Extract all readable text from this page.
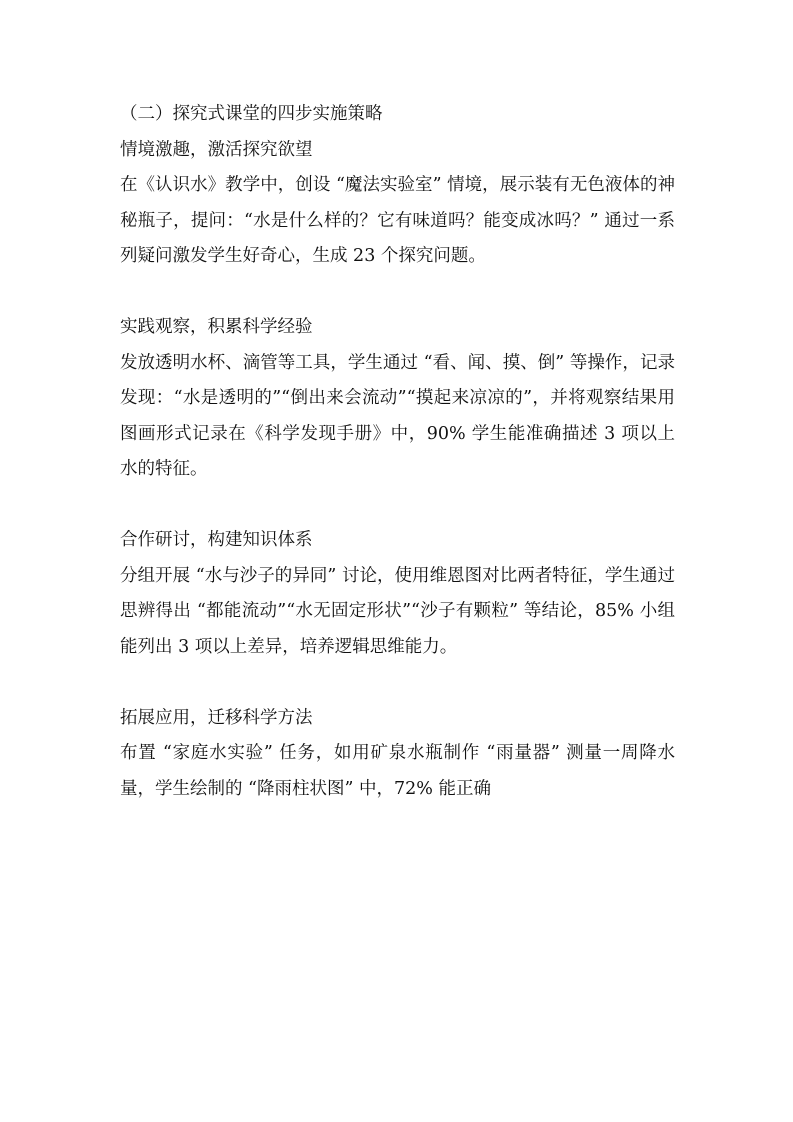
（二）探究式课堂的四步实施策略

情境激趣，激活探究欲望

在《认识水》教学中，创设 “魔法实验室” 情境，展示装有无色液体的神秘瓶子，提问：“水是什么样的？它有味道吗？能变成冰吗？” 通过一系列疑问激发学生好奇心，生成 23 个探究问题。

实践观察，积累科学经验

发放透明水杯、滴管等工具，学生通过 “看、闻、摸、倒” 等操作，记录发现：“水是透明的”“倒出来会流动”“摸起来凉凉的”，并将观察结果用图画形式记录在《科学发现手册》中，90% 学生能准确描述 3 项以上水的特征。

合作研讨，构建知识体系

分组开展 “水与沙子的异同” 讨论，使用维恩图对比两者特征，学生通过思辨得出 “都能流动”“水无固定形状”“沙子有颗粒” 等结论，85% 小组能列出 3 项以上差异，培养逻辑思维能力。

拓展应用，迁移科学方法

布置 “家庭水实验” 任务，如用矿泉水瓶制作 “雨量器” 测量一周降水量，学生绘制的 “降雨柱状图” 中，72% 能正确
